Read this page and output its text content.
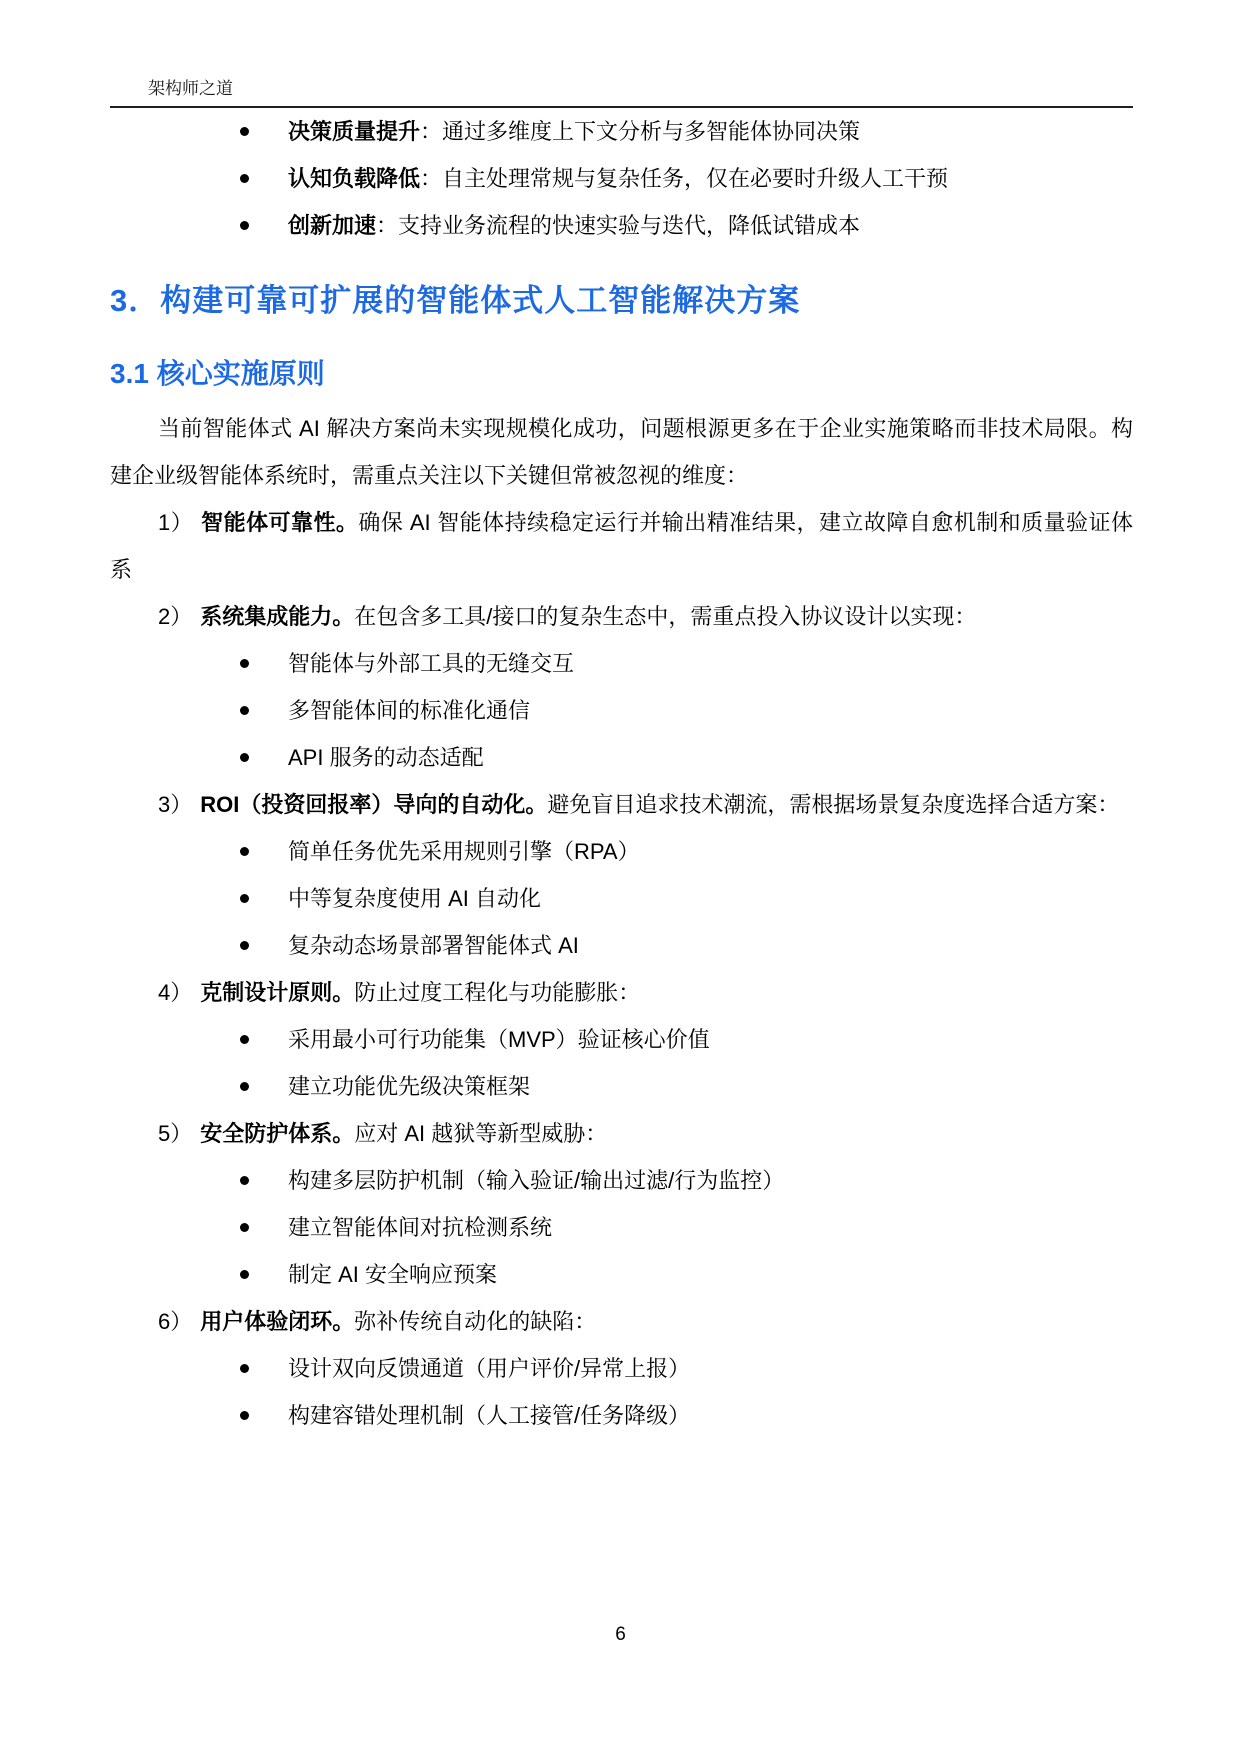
架构师之道
决策质量提升：通过多维度上下文分析与多智能体协同决策
认知负载降低：自主处理常规与复杂任务，仅在必要时升级人工干预
创新加速：支持业务流程的快速实验与迭代，降低试错成本
3．构建可靠可扩展的智能体式人工智能解决方案
3.1 核心实施原则

当前智能体式 AI 解决方案尚未实现规模化成功，问题根源更多在于企业实施策略而非技术局限。构建企业级智能体系统时，需重点关注以下关键但常被忽视的维度：

1） 智能体可靠性。确保 AI 智能体持续稳定运行并输出精准结果，建立故障自愈机制和质量验证体系

2） 系统集成能力。在包含多工具/接口的复杂生态中，需重点投入协议设计以实现：

智能体与外部工具的无缝交互
多智能体间的标准化通信
API 服务的动态适配

3） ROI（投资回报率）导向的自动化。避免盲目追求技术潮流，需根据场景复杂度选择合适方案：

简单任务优先采用规则引擎（RPA）
中等复杂度使用 AI 自动化
复杂动态场景部署智能体式 AI

4） 克制设计原则。防止过度工程化与功能膨胀：

采用最小可行功能集（MVP）验证核心价值
建立功能优先级决策框架

5） 安全防护体系。应对 AI 越狱等新型威胁：

构建多层防护机制（输入验证/输出过滤/行为监控）
建立智能体间对抗检测系统
制定 AI 安全响应预案

6） 用户体验闭环。弥补传统自动化的缺陷：

设计双向反馈通道（用户评价/异常上报）
构建容错处理机制（人工接管/任务降级）
6
